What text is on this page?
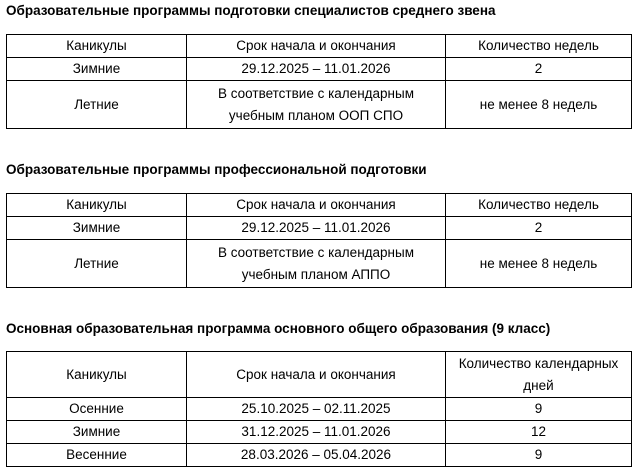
Образовательные программы подготовки специалистов среднего звена
Каникулы	Срок начала и окончания	Количество недель
Зимние	29.12.2025 – 11.01.2026	2
Летние	В соответствие с календарным учебным планом ООП СПО	не менее 8 недель
Образовательные программы профессиональной подготовки
Каникулы	Срок начала и окончания	Количество недель
Зимние	29.12.2025 – 11.01.2026	2
Летние	В соответствие с календарным учебным планом АППО	не менее 8 недель
Основная образовательная программа основного общего образования (9 класс)
Каникулы	Срок начала и окончания	Количество календарных дней
Осенние	25.10.2025 – 02.11.2025	9
Зимние	31.12.2025 – 11.01.2026	12
Весенние	28.03.2026 – 05.04.2026	9
